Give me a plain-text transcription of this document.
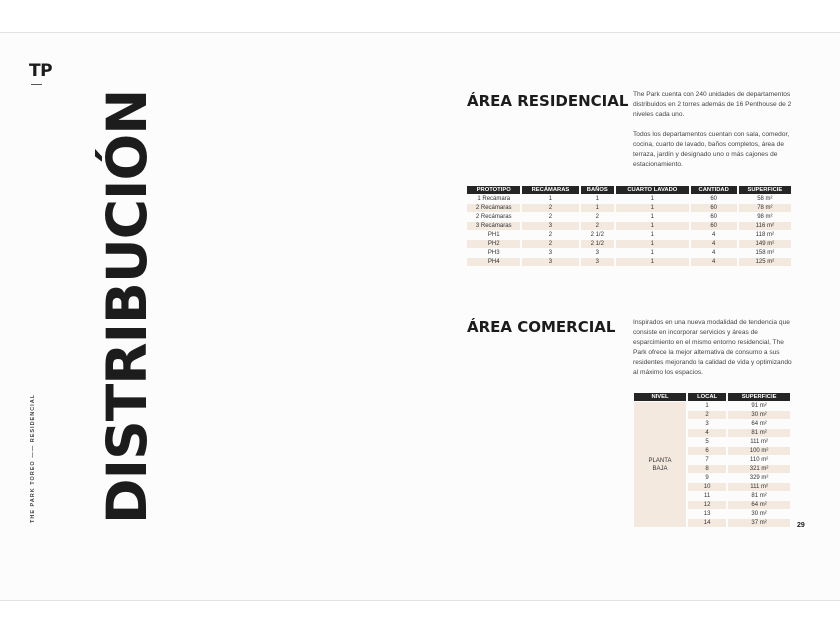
TP
DISTRIBUCIÓN
THE PARK TOREO —— RESIDENCIAL
ÁREA RESIDENCIAL The Park cuenta con 240 unidades de departamentos distribuidos en 2 torres además de 16 Penthouse de 2 niveles cada uno.
Todos los departamentos cuentan con sala, comedor, cocina, cuarto de lavado, baños completos, área de terraza, jardín y designado uno o más cajones de estacionamiento.
PROTOTIPO	RECÁMARAS	BAÑOS	CUARTO LAVADO	CANTIDAD	SUPERFICIE
1 Recámara	1	1	1	60	58 m²
2 Recámaras	2	1	1	60	78 m²
2 Recámaras	2	2	1	60	98 m²
3 Recámaras	3	2	1	60	116 m²
PH1	2	2 1/2	1	4	118 m²
PH2	2	2 1/2	1	4	149 m²
PH3	3	3	1	4	158 m²
PH4	3	3	1	4	125 m²
ÁREA COMERCIAL	Inspirados en una nueva modalidad de tendencia que consiste en incorporar servicios y áreas de esparcimiento en el mismo entorno residencial, The Park ofrece la mejor alternativa de consumo a sus residentes mejorando la calidad de vida y optimizando al máximo los espacios.
NIVEL	LOCAL	SUPERFICIE

PLANTA
BAJA	1	91 m²
	2	30 m²
	3	64 m²
	4	81 m²
	5	111 m²
	6	100 m²
	7	110 m²
	8	321 m²
	9	329 m²
	10	111 m²
	11	81 m²
	12	64 m²
	13	30 m²
	14	37 m²	29
